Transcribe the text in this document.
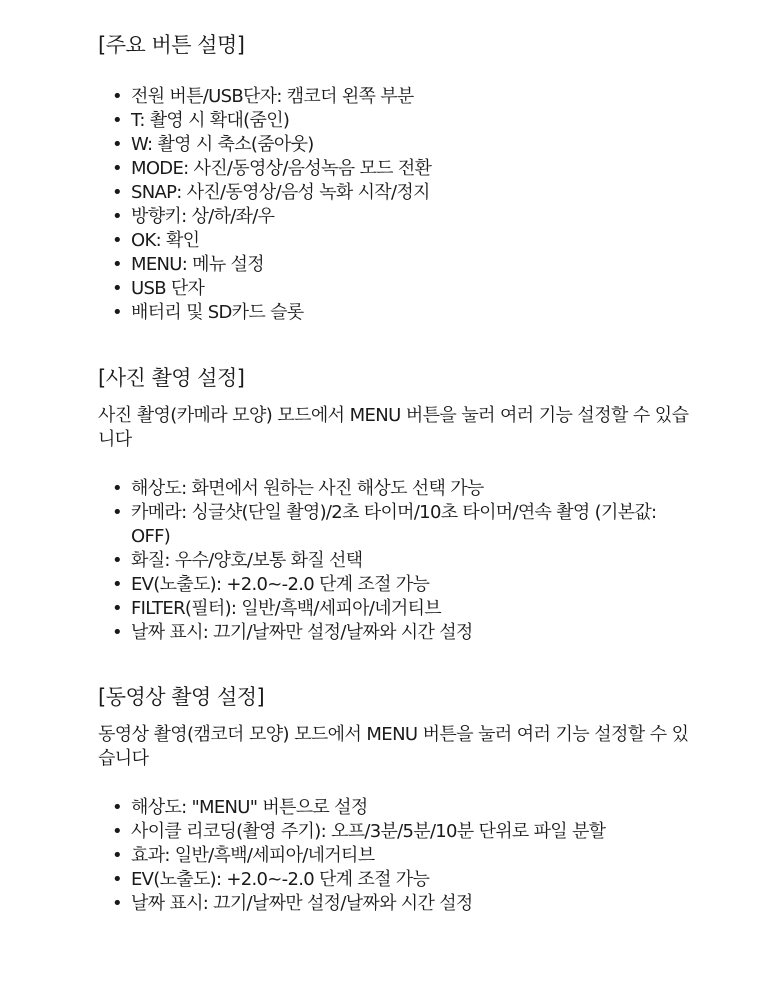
[주요 버튼 설명]
• 전원 버튼/USB단자: 캠코더 왼쪽 부분
• T: 촬영 시 확대(줌인)
• W: 촬영 시 축소(줌아웃)
• MODE: 사진/동영상/음성녹음 모드 전환
• SNAP: 사진/동영상/음성 녹화 시작/정지
• 방향키: 상/하/좌/우
• OK: 확인
• MENU: 메뉴 설정
• USB 단자
• 배터리 및 SD카드 슬롯
[사진 촬영 설정]

사진 촬영(카메라 모양) 모드에서 MENU 버튼을 눌러 여러 기능 설정할 수 있습니다

• 해상도: 화면에서 원하는 사진 해상도 선택 가능
• 카메라: 싱글샷(단일 촬영)/2초 타이머/10초 타이머/연속 촬영 (기본값: OFF)
• 화질: 우수/양호/보통 화질 선택
• EV(노출도): +2.0~-2.0 단계 조절 가능
• FILTER(필터): 일반/흑백/세피아/네거티브
• 날짜 표시: 끄기/날짜만 설정/날짜와 시간 설정
[동영상 촬영 설정]

동영상 촬영(캠코더 모양) 모드에서 MENU 버튼을 눌러 여러 기능 설정할 수 있습니다

• 해상도: "MENU" 버튼으로 설정
• 사이클 리코딩(촬영 주기): 오프/3분/5분/10분 단위로 파일 분할
• 효과: 일반/흑백/세피아/네거티브
• EV(노출도): +2.0~-2.0 단계 조절 가능
• 날짜 표시: 끄기/날짜만 설정/날짜와 시간 설정
